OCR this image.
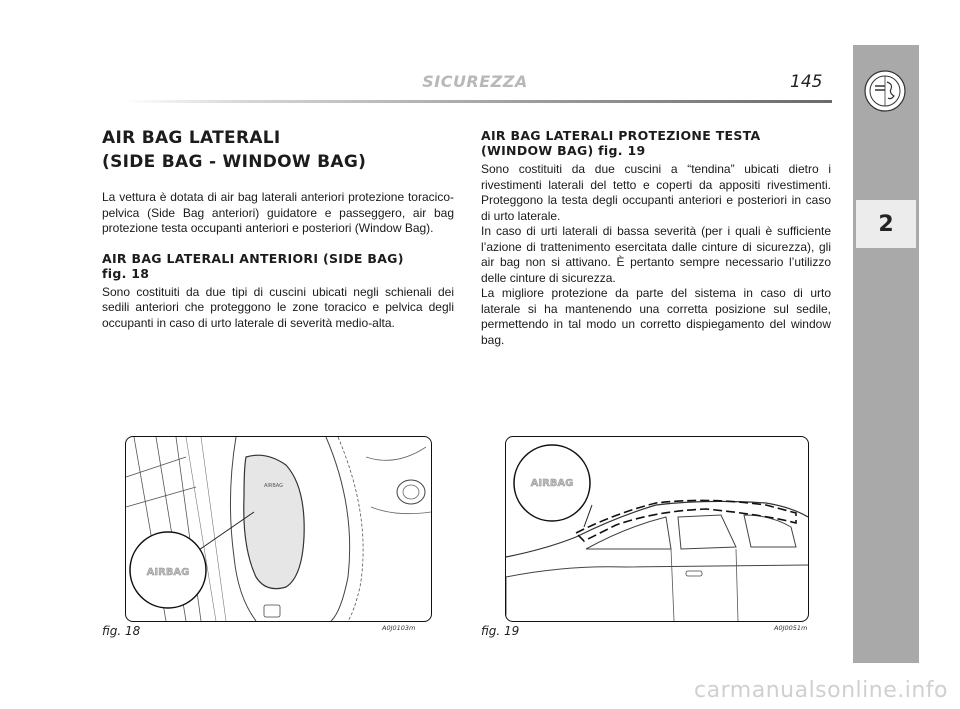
SICUREZZA	145
2
AIR BAG LATERALI
(SIDE BAG - WINDOW BAG)

La vettura è dotata di air bag laterali anteriori protezione toracico-pelvica (Side Bag anteriori) guidatore e passeggero, air bag protezione testa occupanti anteriori e posteriori (Window Bag).

AIR BAG LATERALI ANTERIORI (SIDE BAG)
fig. 18

Sono costituiti da due tipi di cuscini ubicati negli schienali dei sedili anteriori che proteggono le zone toracico e pelvica degli occupanti in caso di urto laterale di severità medio-alta.

AIR BAG LATERALI PROTEZIONE TESTA
(WINDOW BAG) fig. 19

Sono costituiti da due cuscini a “tendina” ubicati dietro i rivestimenti laterali del tetto e coperti da appositi rivestimenti. Proteggono la testa degli occupanti anteriori e posteriori in caso di urto laterale.

In caso di urti laterali di bassa severità (per i quali è sufficiente l’azione di trattenimento esercitata dalle cinture di sicurezza), gli air bag non si attivano. È pertanto sempre necessario l’utilizzo delle cinture di sicurezza.

La migliore protezione da parte del sistema in caso di urto laterale si ha mantenendo una corretta posizione sul sedile, permettendo in tal modo un corretto dispiegamento del window bag.

AIRBAG
AIRBAG
fig. 18	A0J0103m
AIRBAG
fig. 19	A0J0051m
carmanualsonline.info
